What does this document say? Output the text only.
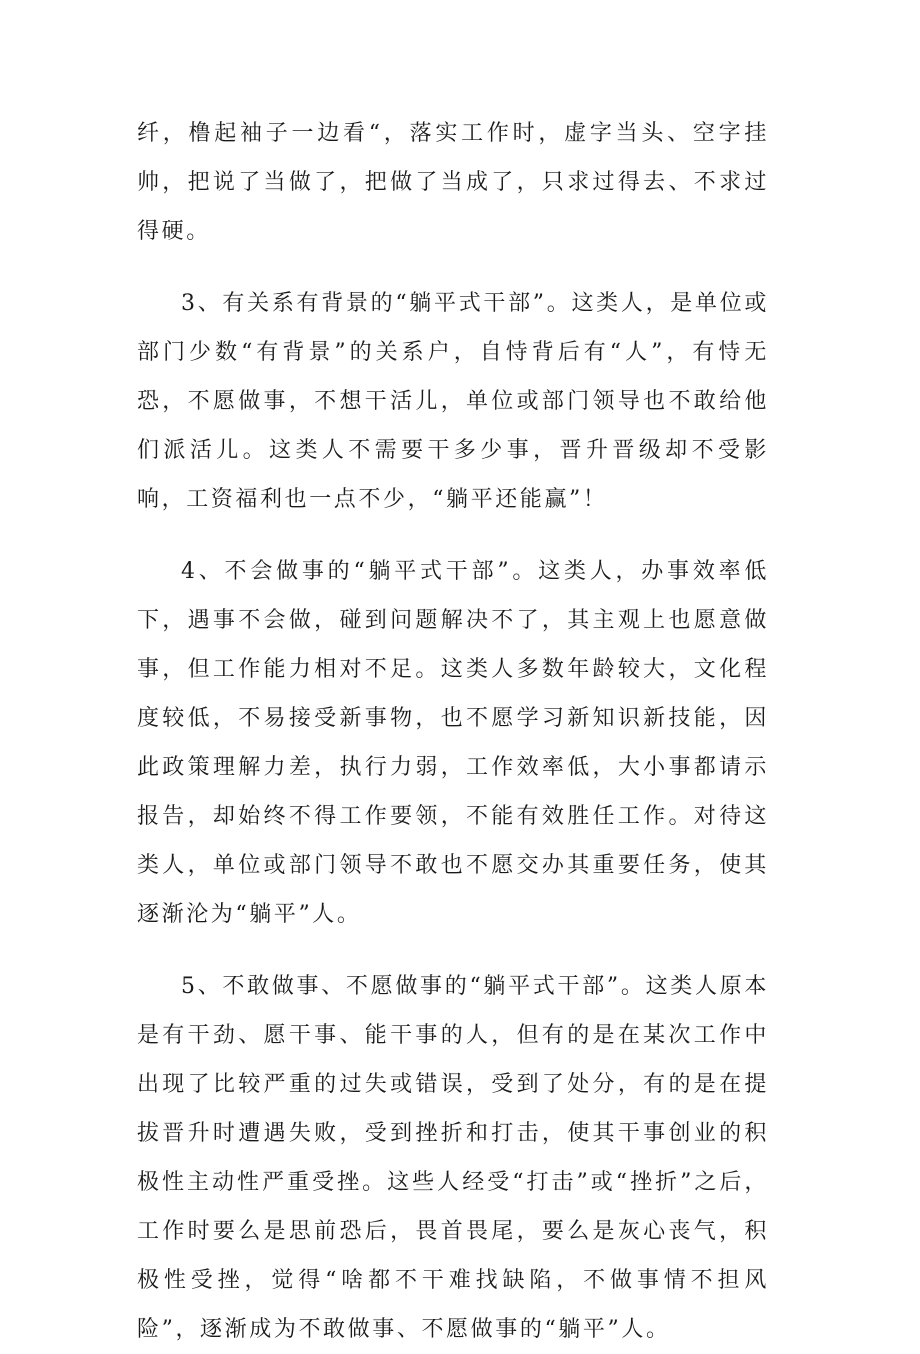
纤，橹起袖子一边看“，落实工作时，虚字当头、空字挂帅，把说了当做了，把做了当成了，只求过得去、不求过得硬。

3、有关系有背景的“躺平式干部”。这类人，是单位或部门少数“有背景”的关系户，自恃背后有“人”，有恃无恐，不愿做事，不想干活儿，单位或部门领导也不敢给他们派活儿。这类人不需要干多少事，晋升晋级却不受影响，工资福利也一点不少，“躺平还能赢”！

4、不会做事的“躺平式干部”。这类人，办事效率低下，遇事不会做，碰到问题解决不了，其主观上也愿意做事，但工作能力相对不足。这类人多数年龄较大，文化程度较低，不易接受新事物，也不愿学习新知识新技能，因此政策理解力差，执行力弱，工作效率低，大小事都请示报告，却始终不得工作要领，不能有效胜任工作。对待这类人，单位或部门领导不敢也不愿交办其重要任务，使其逐渐沦为“躺平”人。

5、不敢做事、不愿做事的“躺平式干部”。这类人原本是有干劲、愿干事、能干事的人，但有的是在某次工作中出现了比较严重的过失或错误，受到了处分，有的是在提拔晋升时遭遇失败，受到挫折和打击，使其干事创业的积极性主动性严重受挫。这些人经受“打击”或“挫折”之后，工作时要么是思前恐后，畏首畏尾，要么是灰心丧气，积极性受挫，觉得“啥都不干难找缺陷，不做事情不担风险”，逐渐成为不敢做事、不愿做事的“躺平”人。
